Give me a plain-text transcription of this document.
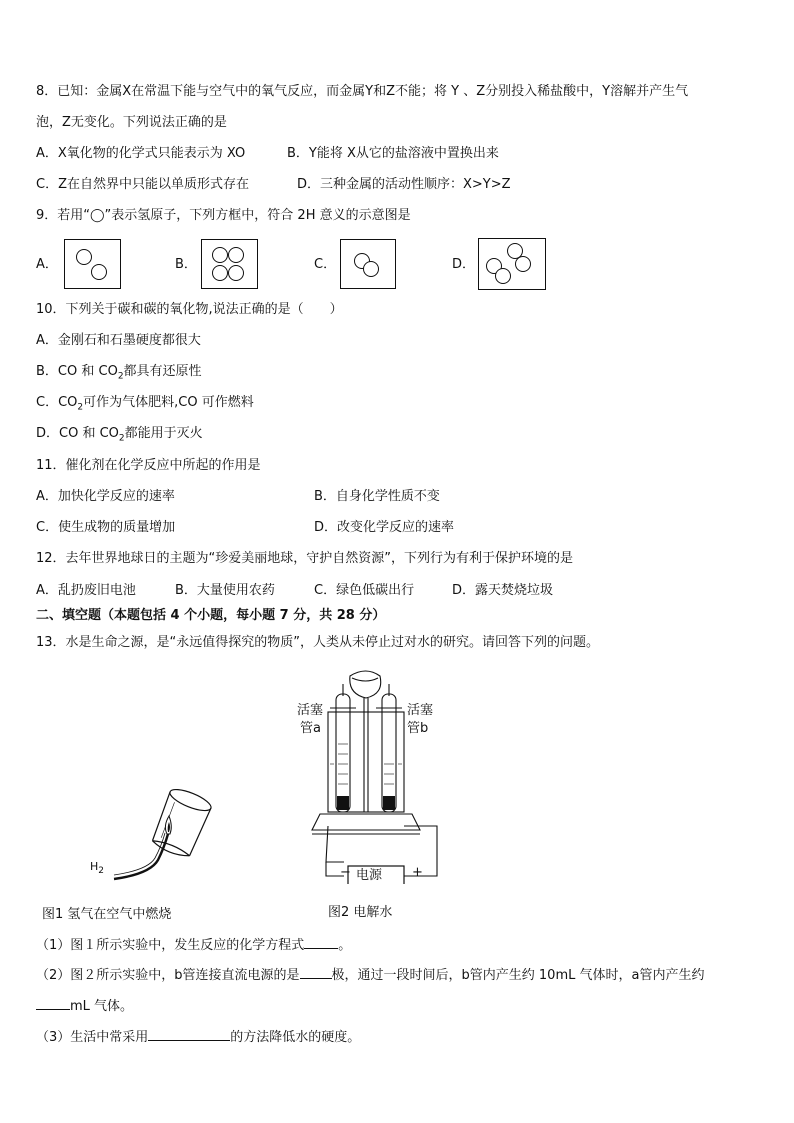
8．已知：金属X在常温下能与空气中的氧气反应，而金属Y和Z不能；将 Y 、Z分别投入稀盐酸中，Y溶解并产生气
泡，Z无变化。下列说法正确的是
A．X氧化物的化学式只能表示为 XO	B．Y能将 X从它的盐溶液中置换出来
C．Z在自然界中只能以单质形式存在	D．三种金属的活动性顺序：X>Y>Z
9．若用“◯”表示氢原子，下列方框中，符合 2H 意义的示意图是
A．	B．	C．	D．
10．下列关于碳和碳的氧化物,说法正确的是（　　）
A．金刚石和石墨硬度都很大
B．CO 和 $CO_2$都具有还原性
C．$CO_2$可作为气体肥料,CO 可作燃料
D．CO 和 $CO_2$都能用于灭火
11．催化剂在化学反应中所起的作用是
A．加快化学反应的速率	B．自身化学性质不变
C．使生成物的质量增加	D．改变化学反应的速率
12．去年世界地球日的主题为“珍爱美丽地球，守护自然资源”，下列行为有利于保护环境的是
A．乱扔废旧电池	B．大量使用农药	C．绿色低碳出行	D．露天焚烧垃圾
二、填空题（本题包括 4 个小题，每小题 7 分，共 28 分）
13．水是生命之源，是“永远值得探究的物质”，人类从未停止过对水的研究。请回答下列的问题。
$H_2$
图1 氢气在空气中燃烧
活塞
管a
活塞
管b
电源
−	+
图2 电解水
（1）图１所示实验中，发生反应的化学方程式	。
（2）图２所示实验中，b管连接直流电源的是 极，通过一段时间后，b管内产生约 10mL 气体时，a管内产生约
mL 气体。
（3）生活中常采用	的方法降低水的硬度。
